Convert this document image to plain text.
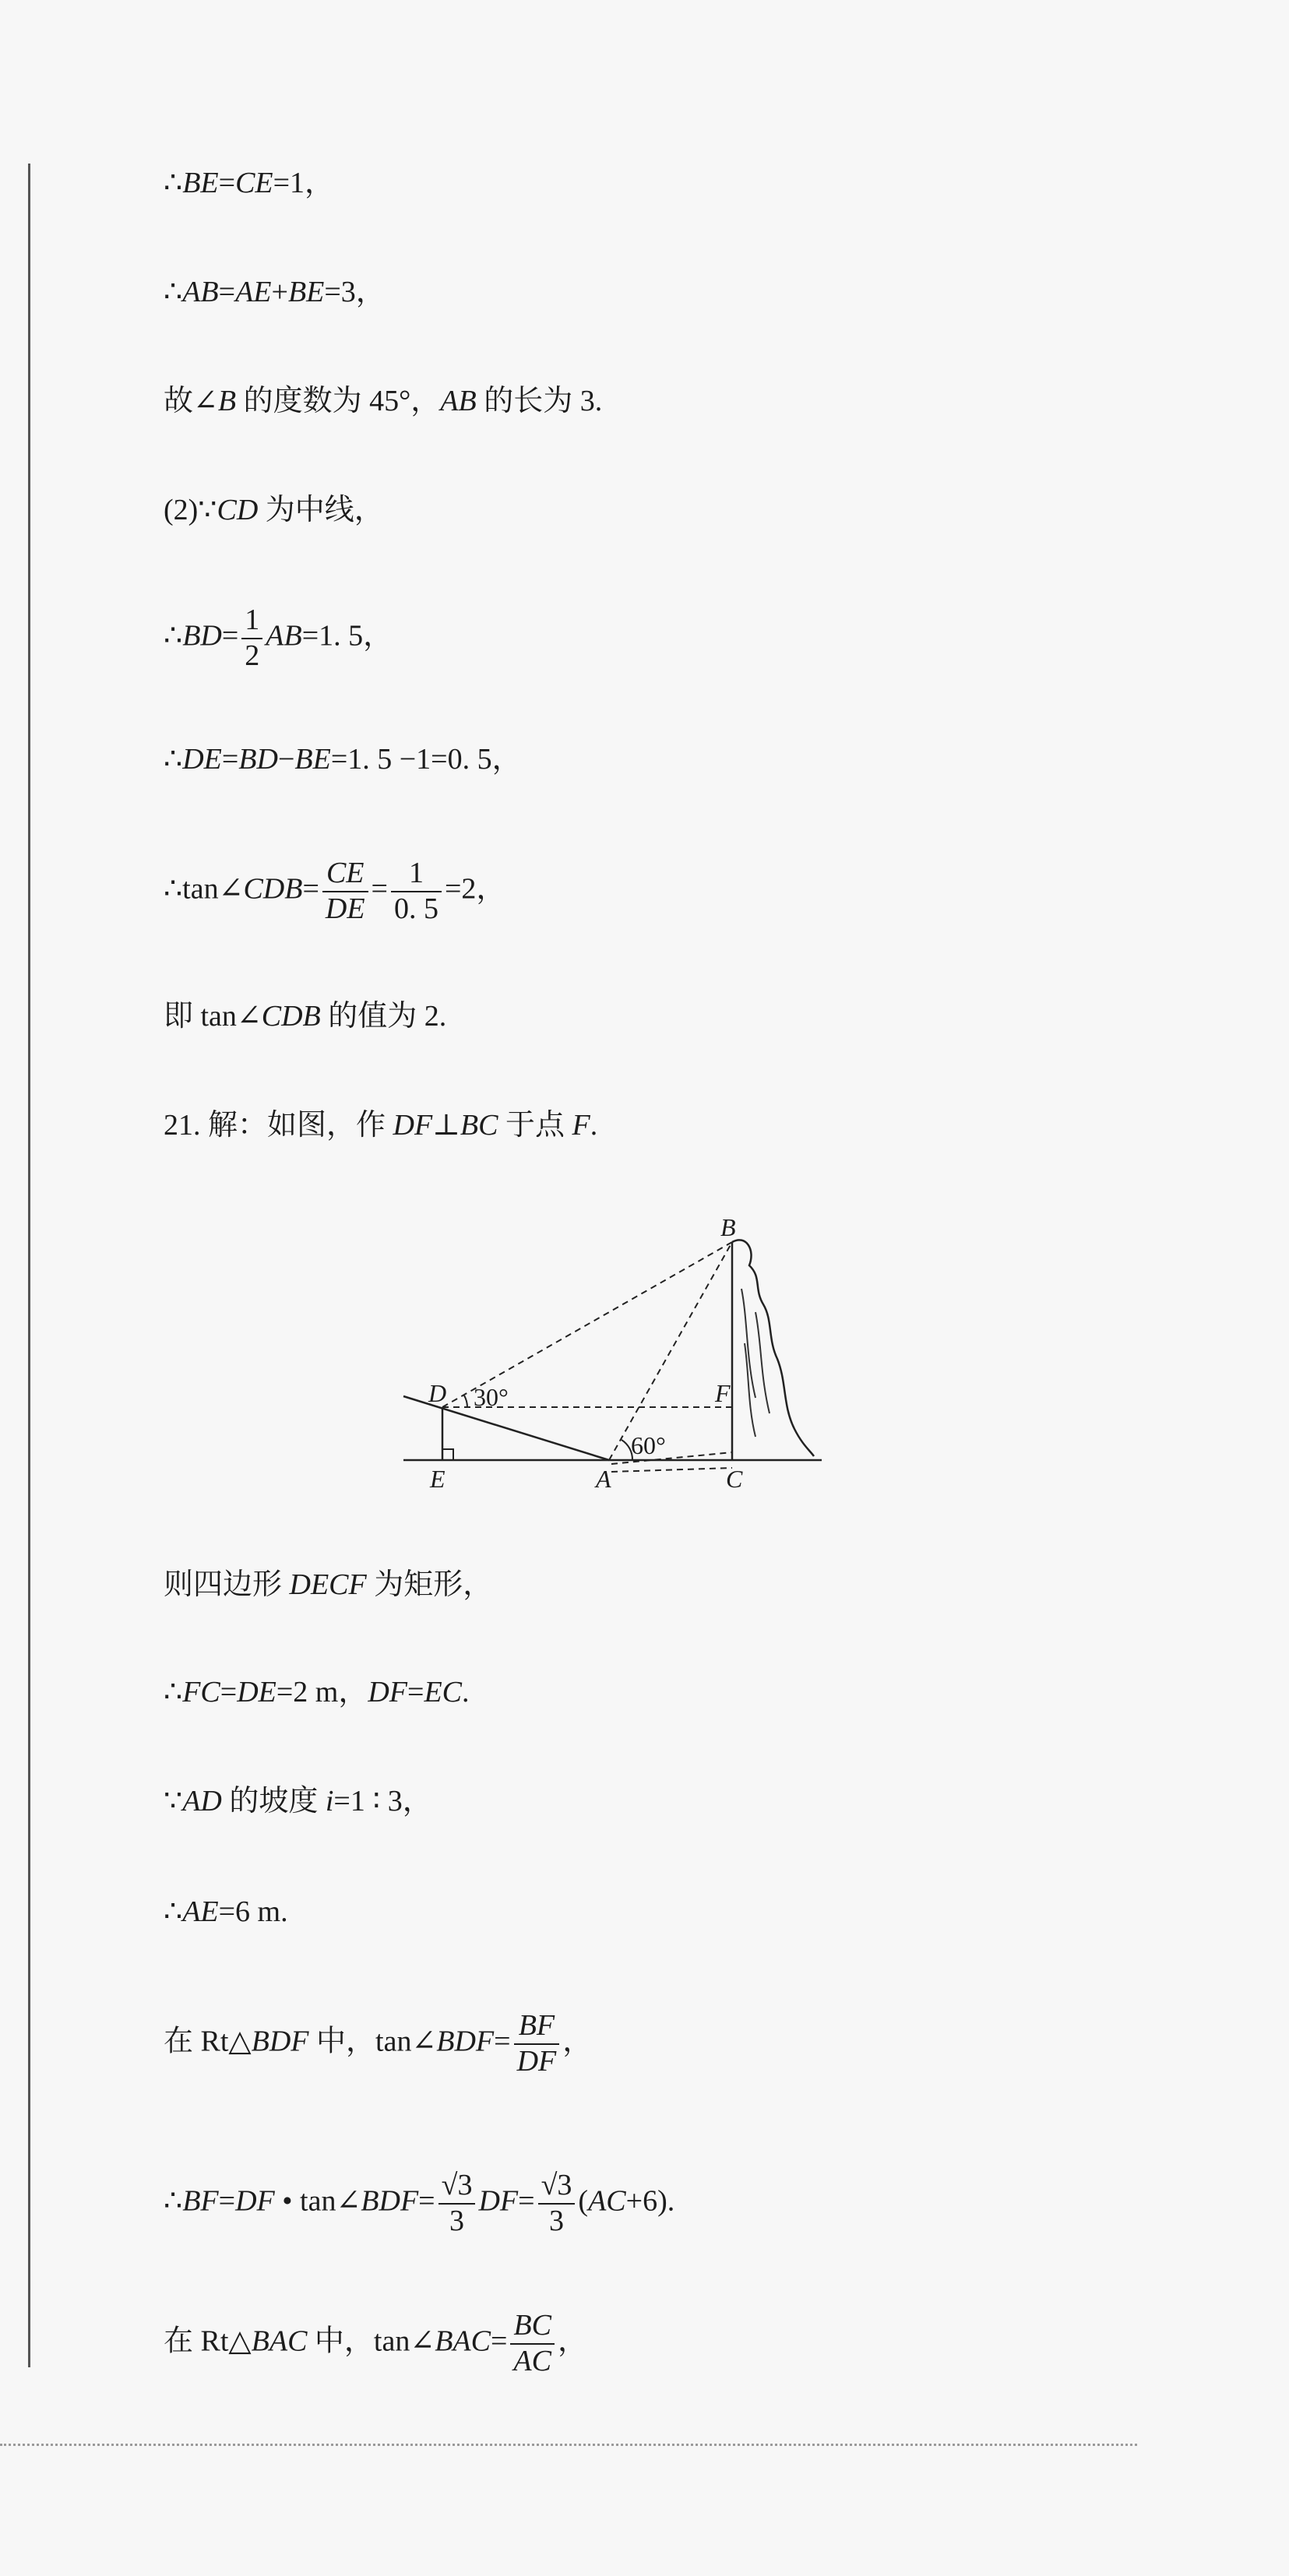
∴BE=CE=1，
∴AB=AE+BE=3，
故∠B 的度数为 45°，AB 的长为 3.
(2)∵CD 为中线，
∴BD= $\frac{1}{2} AB=1$. 5，
∴DE=BD−BE=1. 5 −1=0. 5，
∴tan∠CDB= $\frac{CE}{DE} = \frac{1}{0. 5} =2$，
即 tan∠CDB 的值为 2.
21. 解：如图，作 DF⊥BC 于点 F.
B
D	F
E	A	C
30°
60°
则四边形 DECF 为矩形，
∴FC=DE=2 m，DF=EC.
∵AD 的坡度 i=1 ∶ 3，
∴AE=6 m.
在 Rt△BDF 中，tan∠BDF= $\frac{BF}{DF}$ ，
∴BF=DF • tan∠BDF= $\frac{√3}{3} DF= \frac{√3}{3} (AC+6)$.
在 Rt△BAC 中，tan∠BAC= $\frac{BC}{AC}$ ，
